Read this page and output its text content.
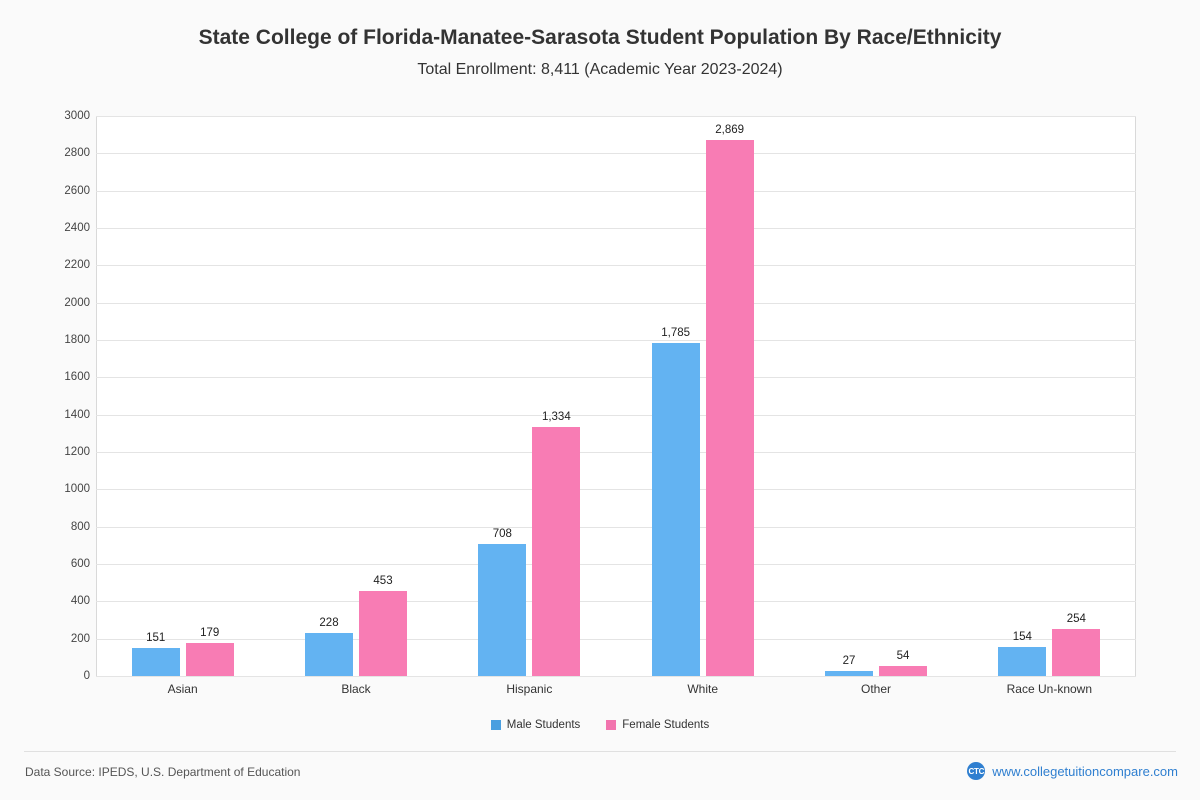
State College of Florida-Manatee-Sarasota Student Population By Race/Ethnicity
Total Enrollment: 8,411 (Academic Year 2023-2024)
0
200
400
600
800
1000
1200
1400
1600
1800
2000
2200
2400
2600
2800
3000
151	179
228
453
708
1,334
1,785
2,869
27	54
154
254
Asian	Black	Hispanic	White	Other	Race Un-known
Male Students	Female Students
Data Source: IPEDS, U.S. Department of Education	CTC www.collegetuitioncompare.com
